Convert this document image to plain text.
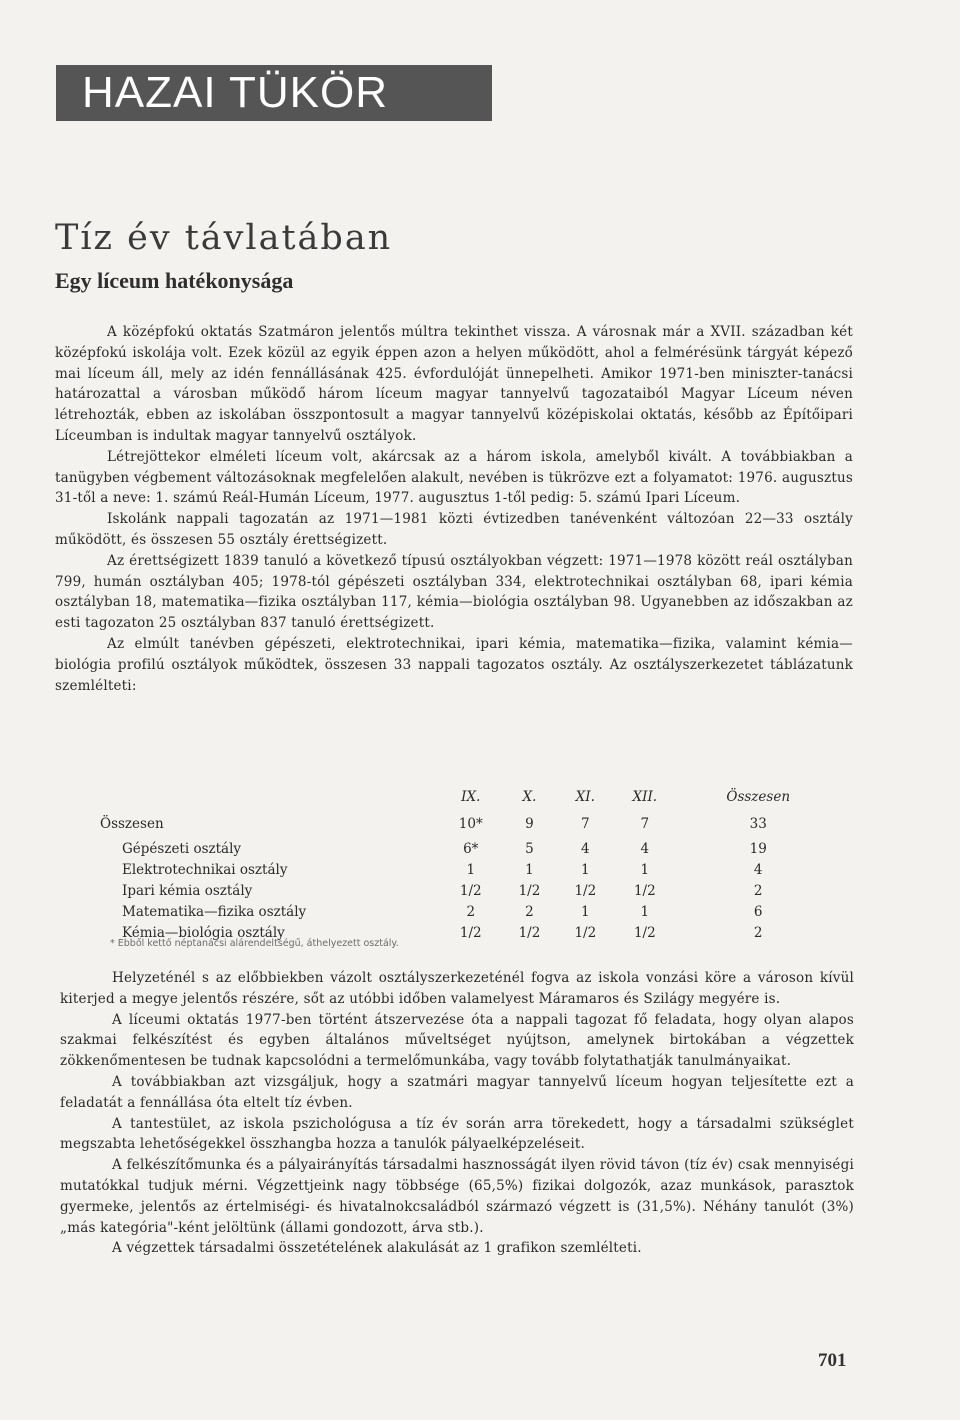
HAZAI TÜKÖR
Tíz év távlatában
Egy líceum hatékonysága

A középfokú oktatás Szatmáron jelentős múltra tekinthet vissza. A városnak már a XVII. században két középfokú iskolája volt. Ezek közül az egyik éppen azon a helyen működött, ahol a felmérésünk tárgyát képező mai líceum áll, mely az idén fennállásának 425. évfordulóját ünnepelheti. Amikor 1971-ben miniszter-tanácsi határozattal a városban működő három líceum magyar tannyelvű tagozataiból Magyar Líceum néven létrehozták, ebben az iskolában összpontosult a magyar tannyelvű középiskolai oktatás, később az Építőipari Líceumban is indultak magyar tannyelvű osztályok.

Létrejöttekor elméleti líceum volt, akárcsak az a három iskola, amelyből kivált. A továbbiakban a tanügyben végbement változásoknak megfelelően alakult, nevében is tükrözve ezt a folyamatot: 1976. augusztus 31-től a neve: 1. számú Reál-Humán Líceum, 1977. augusztus 1-től pedig: 5. számú Ipari Líceum.

Iskolánk nappali tagozatán az 1971—1981 közti évtizedben tanévenként változóan 22—33 osztály működött, és összesen 55 osztály érettségizett.

Az érettségizett 1839 tanuló a következő típusú osztályokban végzett: 1971—1978 között reál osztályban 799, humán osztályban 405; 1978-tól gépészeti osztályban 334, elektrotechnikai osztályban 68, ipari kémia osztályban 18, matematika—fizika osztályban 117, kémia—biológia osztályban 98. Ugyanebben az időszakban az esti tagozaton 25 osztályban 837 tanuló érettségizett.

Az elmúlt tanévben gépészeti, elektrotechnikai, ipari kémia, matematika—fizika, valamint kémia—biológia profilú osztályok működtek, összesen 33 nappali tagozatos osztály. Az osztályszerkezetet táblázatunk szemlélteti:

	IX.	X.	XI.	XII.	Összesen
Összesen	10*	9	7	7	33
Gépészeti osztály	6*	5	4	4	19
Elektrotechnikai osztály	1	1	1	1	4
Ipari kémia osztály	1/2	1/2	1/2	1/2	2
Matematika—fizika osztály	2	2	1	1	6
Kémia—biológia osztály	1/2	1/2	1/2	1/2	2
* Ebből kettő néptanácsi alárendeltségű, áthelyezett osztály.

Helyzeténél s az előbbiekben vázolt osztályszerkezeténél fogva az iskola vonzási köre a városon kívül kiterjed a megye jelentős részére, sőt az utóbbi időben valamelyest Máramaros és Szilágy megyére is.

A líceumi oktatás 1977-ben történt átszervezése óta a nappali tagozat fő feladata, hogy olyan alapos szakmai felkészítést és egyben általános műveltséget nyújtson, amelynek birtokában a végzettek zökkenőmentesen be tudnak kapcsolódni a termelőmunkába, vagy tovább folytathatják tanulmányaikat.

A továbbiakban azt vizsgáljuk, hogy a szatmári magyar tannyelvű líceum hogyan teljesítette ezt a feladatát a fennállása óta eltelt tíz évben.

A tantestület, az iskola pszichológusa a tíz év során arra törekedett, hogy a társadalmi szükséglet megszabta lehetőségekkel összhangba hozza a tanulók pályaelképzeléseit.

A felkészítőmunka és a pályairányítás társadalmi hasznosságát ilyen rövid távon (tíz év) csak mennyiségi mutatókkal tudjuk mérni. Végzettjeink nagy többsége (65,5%) fizikai dolgozók, azaz munkások, parasztok gyermeke, jelentős az értelmiségi- és hivatalnokcsaládból származó végzett is (31,5%). Néhány tanulót (3%) „más kategória"-ként jelöltünk (állami gondozott, árva stb.).

A végzettek társadalmi összetételének alakulását az 1 grafikon szemlélteti.

701
